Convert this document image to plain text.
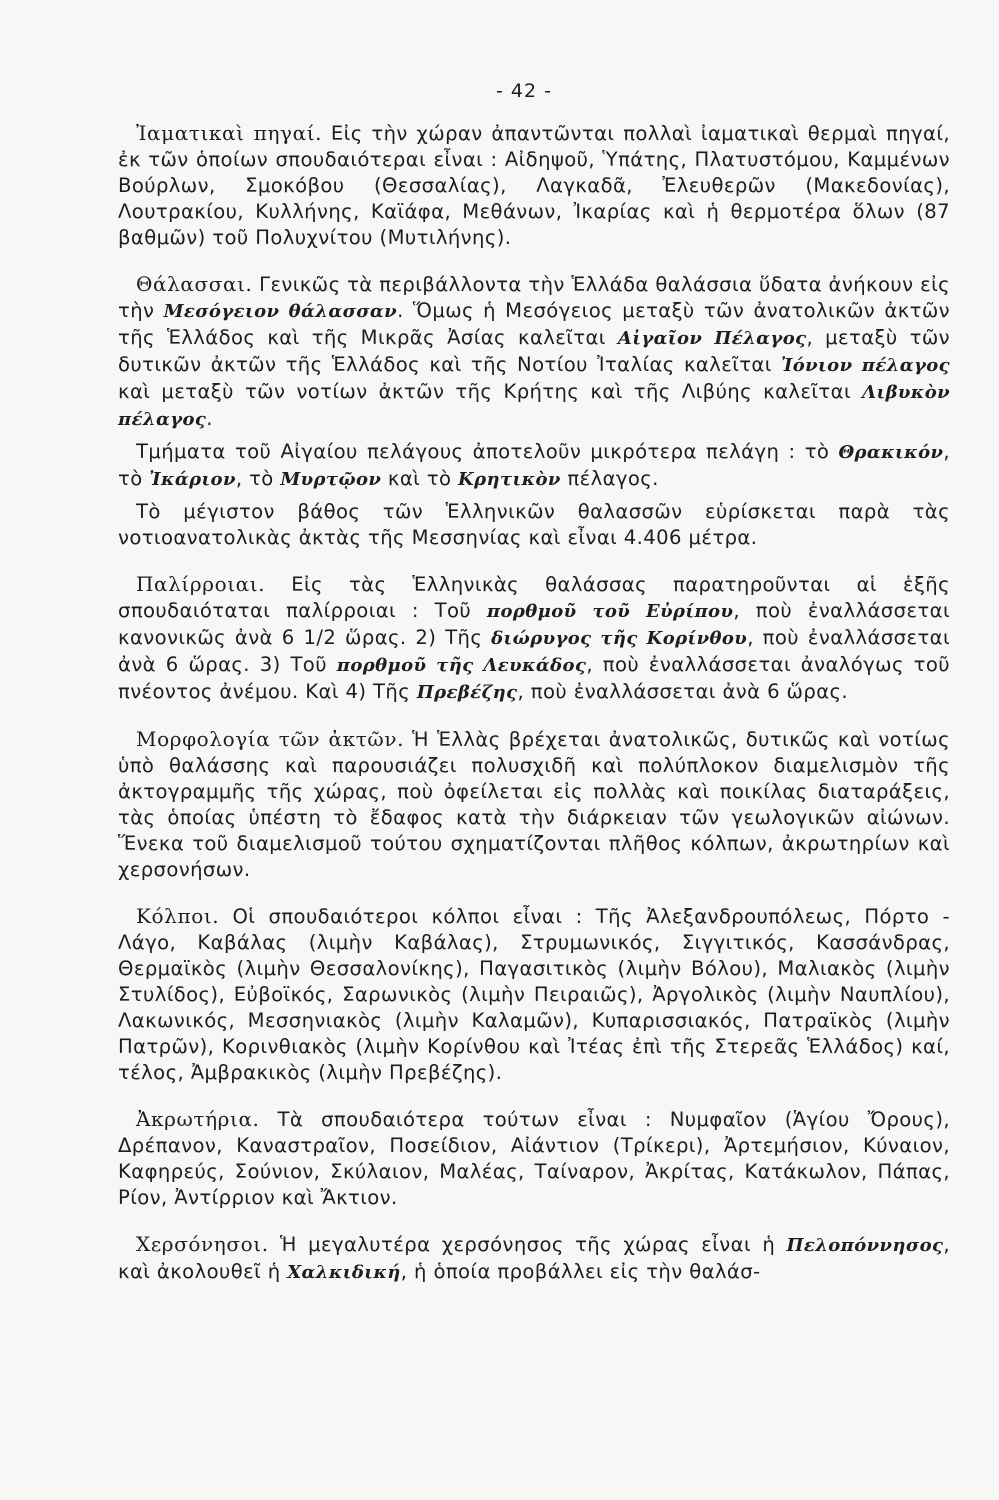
- 42 -

Ἰαματικαὶ πηγαί. Εἰς τὴν χώραν ἀπαντῶνται πολλαὶ ἰαματικαὶ θερμαὶ πηγαί, ἐκ τῶν ὁποίων σπουδαιότεραι εἶναι : Αἰδηψοῦ, Ὑπάτης, Πλατυστόμου, Καμμένων Βούρλων, Σμοκόβου (Θεσσαλίας), Λαγκαδᾶ, Ἐλευθερῶν (Μακεδονίας), Λουτρακίου, Κυλλήνης, Καϊάφα, Μεθάνων, Ἰκαρίας καὶ ἡ θερμοτέρα ὅλων (87 βαθμῶν) τοῦ Πολυχνίτου (Μυτιλήνης).

Θάλασσαι. Γενικῶς τὰ περιβάλλοντα τὴν Ἑλλάδα θαλάσσια ὕδατα ἀνήκουν εἰς τὴν Μεσόγειον θάλασσαν. Ὅμως ἡ Μεσόγειος μεταξὺ τῶν ἀνατολικῶν ἀκτῶν τῆς Ἑλλάδος καὶ τῆς Μικρᾶς Ἀσίας καλεῖται Αἰγαῖον Πέλαγος, μεταξὺ τῶν δυτικῶν ἀκτῶν τῆς Ἑλλάδος καὶ τῆς Νοτίου Ἰταλίας καλεῖται Ἰόνιον πέλαγος καὶ μεταξὺ τῶν νοτίων ἀκτῶν τῆς Κρήτης καὶ τῆς Λιβύης καλεῖται Λιβυκὸν πέλαγος.

Τμήματα τοῦ Αἰγαίου πελάγους ἀποτελοῦν μικρότερα πελάγη : τὸ Θρακικόν, τὸ Ἰκάριον, τὸ Μυρτῷον καὶ τὸ Κρητικὸν πέλαγος.

Τὸ μέγιστον βάθος τῶν Ἑλληνικῶν θαλασσῶν εὑρίσκεται παρὰ τὰς νοτιοανατολικὰς ἀκτὰς τῆς Μεσσηνίας καὶ εἶναι 4.406 μέτρα.

Παλίρροιαι. Εἰς τὰς Ἑλληνικὰς θαλάσσας παρατηροῦνται αἱ ἑξῆς σπουδαιόταται παλίρροιαι : Τοῦ πορθμοῦ τοῦ Εὐρίπου, ποὺ ἐναλλάσσεται κανονικῶς ἀνὰ 6 1/2 ὥρας. 2) Τῆς διώρυγος τῆς Κορίνθου, ποὺ ἐναλλάσσεται ἀνὰ 6 ὥρας. 3) Τοῦ πορθμοῦ τῆς Λευκάδος, ποὺ ἐναλλάσσεται ἀναλόγως τοῦ πνέοντος ἀνέμου. Καὶ 4) Τῆς Πρεβέζης, ποὺ ἐναλλάσσεται ἀνὰ 6 ὥρας.

Μορφολογία τῶν ἀκτῶν. Ἡ Ἑλλὰς βρέχεται ἀνατολικῶς, δυτικῶς καὶ νοτίως ὑπὸ θαλάσσης καὶ παρουσιάζει πολυσχιδῆ καὶ πολύπλοκον διαμελισμὸν τῆς ἀκτογραμμῆς τῆς χώρας, ποὺ ὀφείλεται εἰς πολλὰς καὶ ποικίλας διαταράξεις, τὰς ὁποίας ὑπέστη τὸ ἔδαφος κατὰ τὴν διάρκειαν τῶν γεωλογικῶν αἰώνων. Ἕνεκα τοῦ διαμελισμοῦ τούτου σχηματίζονται πλῆθος κόλπων, ἀκρωτηρίων καὶ χερσονήσων.

Κόλποι. Οἱ σπουδαιότεροι κόλποι εἶναι : Τῆς Ἀλεξανδρουπόλεως, Πόρτο - Λάγο, Καβάλας (λιμὴν Καβάλας), Στρυμωνικός, Σιγγιτικός, Κασσάνδρας, Θερμαϊκὸς (λιμὴν Θεσσαλονίκης), Παγασιτικὸς (λιμὴν Βόλου), Μαλιακὸς (λιμὴν Στυλίδος), Εὐβοϊκός, Σαρωνικὸς (λιμὴν Πειραιῶς), Ἀργολικὸς (λιμὴν Ναυπλίου), Λακωνικός, Μεσσηνιακὸς (λιμὴν Καλαμῶν), Κυπαρισσιακός, Πατραϊκὸς (λιμὴν Πατρῶν), Κορινθιακὸς (λιμὴν Κορίνθου καὶ Ἰτέας ἐπὶ τῆς Στερεᾶς Ἑλλάδος) καί, τέλος, Ἀμβρακικὸς (λιμὴν Πρεβέζης).

Ἀκρωτήρια. Τὰ σπουδαιότερα τούτων εἶναι : Νυμφαῖον (Ἁγίου Ὄρους), Δρέπανον, Καναστραῖον, Ποσείδιον, Αἰάντιον (Τρίκερι), Ἀρτεμήσιον, Κύναιον, Καφηρεύς, Σούνιον, Σκύλαιον, Μαλέας, Ταίναρον, Ἀκρίτας, Κατάκωλον, Πάπας, Ρίον, Ἀντίρριον καὶ Ἄκτιον.

Χερσόνησοι. Ἡ μεγαλυτέρα χερσόνησος τῆς χώρας εἶναι ἡ Πελοπόννησος, καὶ ἀκολουθεῖ ἡ Χαλκιδική, ἡ ὁποία προβάλλει εἰς τὴν θαλάσ-
